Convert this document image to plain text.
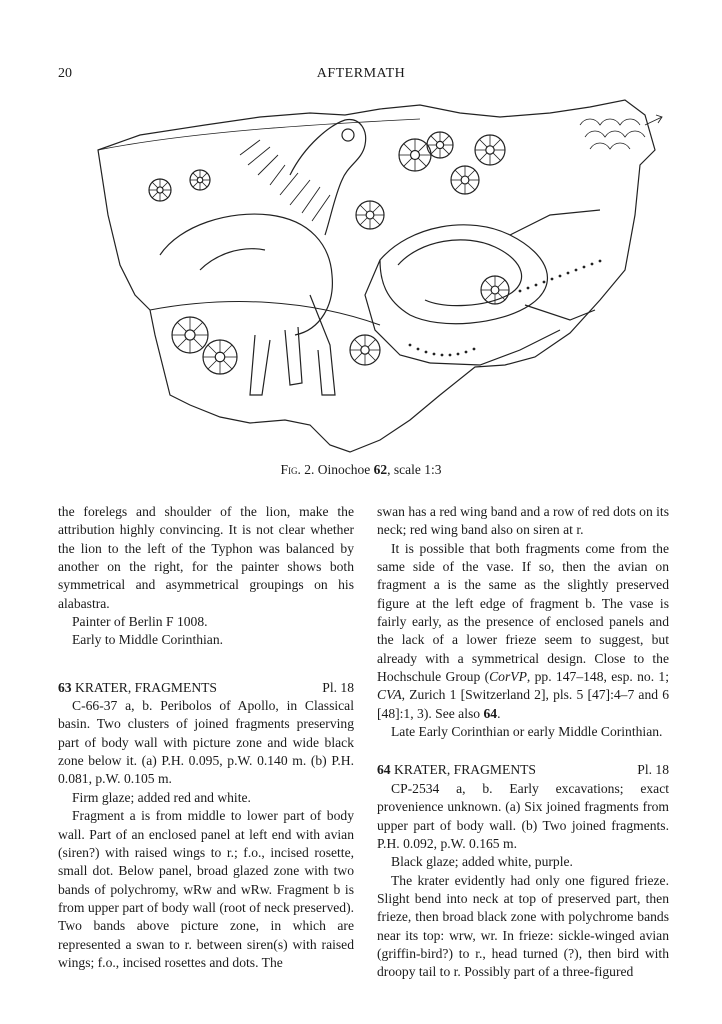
20	AFTERMATH
Fig. 2. Oinochoe 62, scale 1:3

the forelegs and shoulder of the lion, make the attribution highly convincing. It is not clear whether the lion to the left of the Typhon was balanced by another on the right, for the painter shows both symmetrical and asymmetrical groupings on his alabastra.

Painter of Berlin F 1008.

Early to Middle Corinthian.

63 KRATER, FRAGMENTS	Pl. 18

C-66-37 a, b. Peribolos of Apollo, in Classical basin. Two clusters of joined fragments preserving part of body wall with picture zone and wide black zone below it. (a) P.H. 0.095, p.W. 0.140 m. (b) P.H. 0.081, p.W. 0.105 m.

Firm glaze; added red and white.

Fragment a is from middle to lower part of body wall. Part of an enclosed panel at left end with avian (siren?) with raised wings to r.; f.o., incised rosette, small dot. Below panel, broad glazed zone with two bands of polychromy, wRw and wRw. Fragment b is from upper part of body wall (root of neck preserved). Two bands above picture zone, in which are represented a swan to r. between siren(s) with raised wings; f.o., incised rosettes and dots. The

swan has a red wing band and a row of red dots on its neck; red wing band also on siren at r.

It is possible that both fragments come from the same side of the vase. If so, then the avian on fragment a is the same as the slightly preserved figure at the left edge of fragment b. The vase is fairly early, as the presence of enclosed panels and the lack of a lower frieze seem to suggest, but already with a symmetrical design. Close to the Hochschule Group (CorVP, pp. 147–148, esp. no. 1; CVA, Zurich 1 [Switzerland 2], pls. 5 [47]:4–7 and 6 [48]:1, 3). See also 64.

Late Early Corinthian or early Middle Corinthian.

64 KRATER, FRAGMENTS	Pl. 18

CP-2534 a, b. Early excavations; exact provenience unknown. (a) Six joined fragments from upper part of body wall. (b) Two joined fragments. P.H. 0.092, p.W. 0.165 m.

Black glaze; added white, purple.

The krater evidently had only one figured frieze. Slight bend into neck at top of preserved part, then frieze, then broad black zone with polychrome bands near its top: wrw, wr. In frieze: sickle-winged avian (griffin-bird?) to r., head turned (?), then bird with droopy tail to r. Possibly part of a three-figured
